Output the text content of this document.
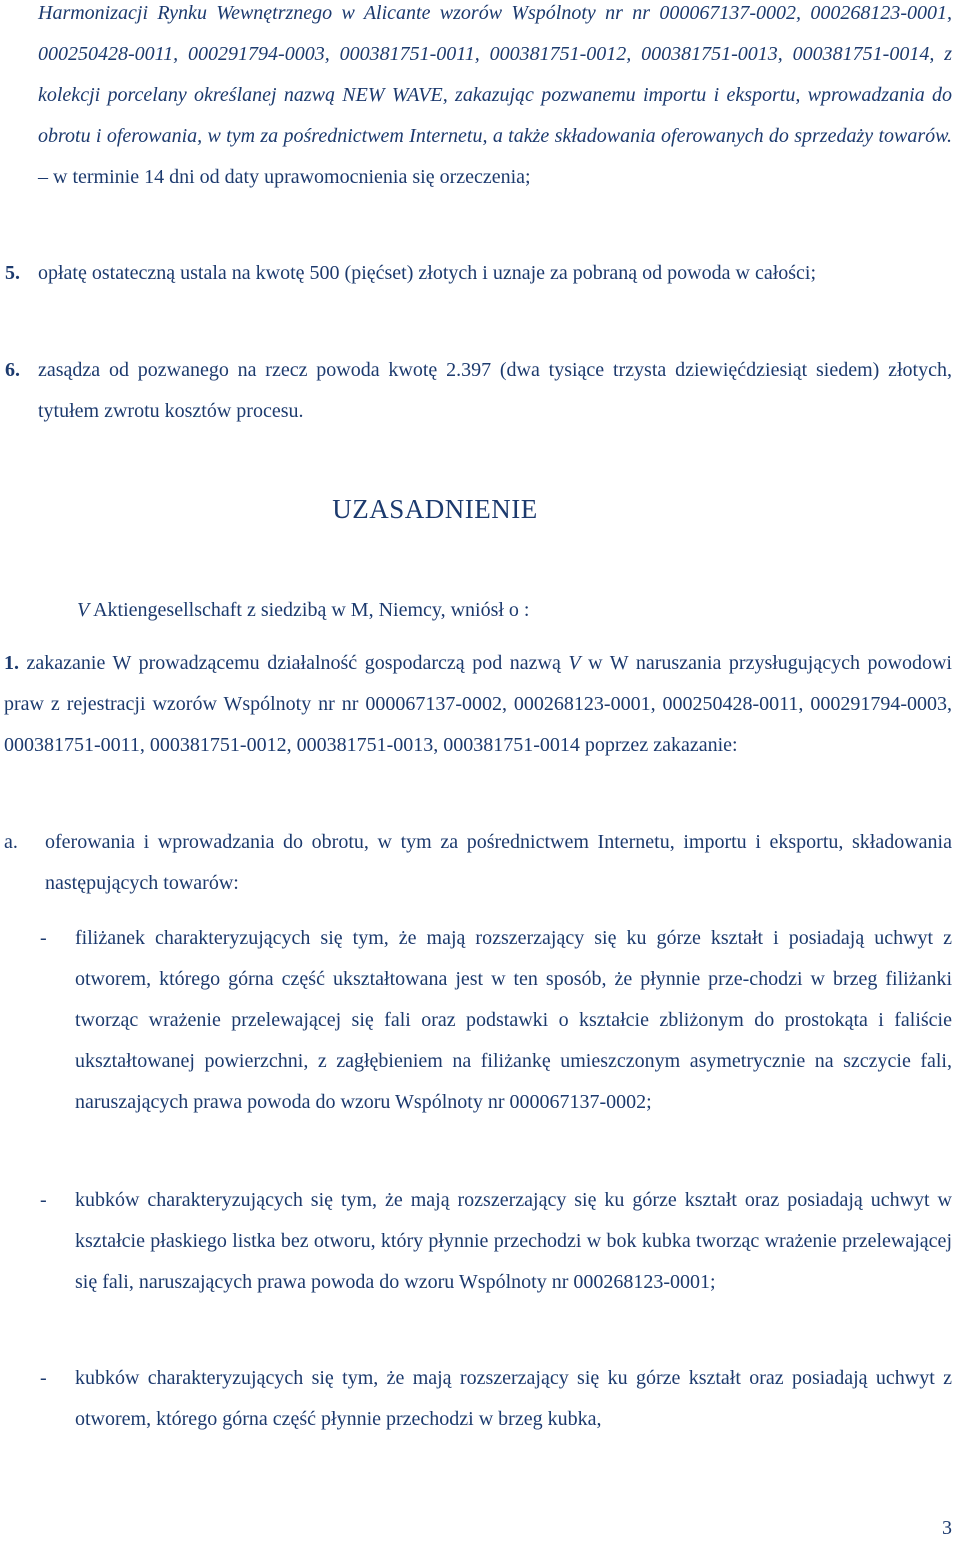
Harmonizacji Rynku Wewnętrznego w Alicante wzorów Wspólnoty nr nr 000067137-0002, 000268123-0001, 000250428-0011, 000291794-0003, 000381751-0011, 000381751-0012, 000381751-0013, 000381751-0014, z kolekcji porcelany określanej nazwą NEW WAVE, zakazując pozwanemu importu i eksportu, wprowadzania do obrotu i oferowania, w tym za pośrednictwem Internetu, a także składowania oferowanych do sprzedaży towarów. – w terminie 14 dni od daty uprawomocnienia się orzeczenia;

5. opłatę ostateczną ustala na kwotę 500 (pięćset) złotych i uznaje za pobraną od powoda w całości;

6. zasądza od pozwanego na rzecz powoda kwotę 2.397 (dwa tysiące trzysta dziewięćdziesiąt siedem) złotych, tytułem zwrotu kosztów procesu.

UZASADNIENIE
V Aktiengesellschaft z siedzibą w M, Niemcy, wniósł o :

1. zakazanie W prowadzącemu działalność gospodarczą pod nazwą V w W naruszania przysługujących powodowi praw z rejestracji wzorów Wspólnoty nr nr 000067137-0002, 000268123-0001, 000250428-0011, 000291794-0003, 000381751-0011, 000381751-0012, 000381751-0013, 000381751-0014 poprzez zakazanie:

a. oferowania i wprowadzania do obrotu, w tym za pośrednictwem Internetu, importu i eksportu, składowania następujących towarów:

- filiżanek charakteryzujących się tym, że mają rozszerzający się ku górze kształt i posiadają uchwyt z otworem, którego górna część ukształtowana jest w ten sposób, że płynnie prze-chodzi w brzeg filiżanki tworząc wrażenie przelewającej się fali oraz podstawki o kształcie zbliżonym do prostokąta i faliście ukształtowanej powierzchni, z zagłębieniem na filiżankę umieszczonym asymetrycznie na szczycie fali, naruszających prawa powoda do wzoru Wspólnoty nr 000067137-0002;

- kubków charakteryzujących się tym, że mają rozszerzający się ku górze kształt oraz posiadają uchwyt w kształcie płaskiego listka bez otworu, który płynnie przechodzi w bok kubka tworząc wrażenie przelewającej się fali, naruszających prawa powoda do wzoru Wspólnoty nr 000268123-0001;

- kubków charakteryzujących się tym, że mają rozszerzający się ku górze kształt oraz posiadają uchwyt z otworem, którego górna część płynnie przechodzi w brzeg kubka,

3
